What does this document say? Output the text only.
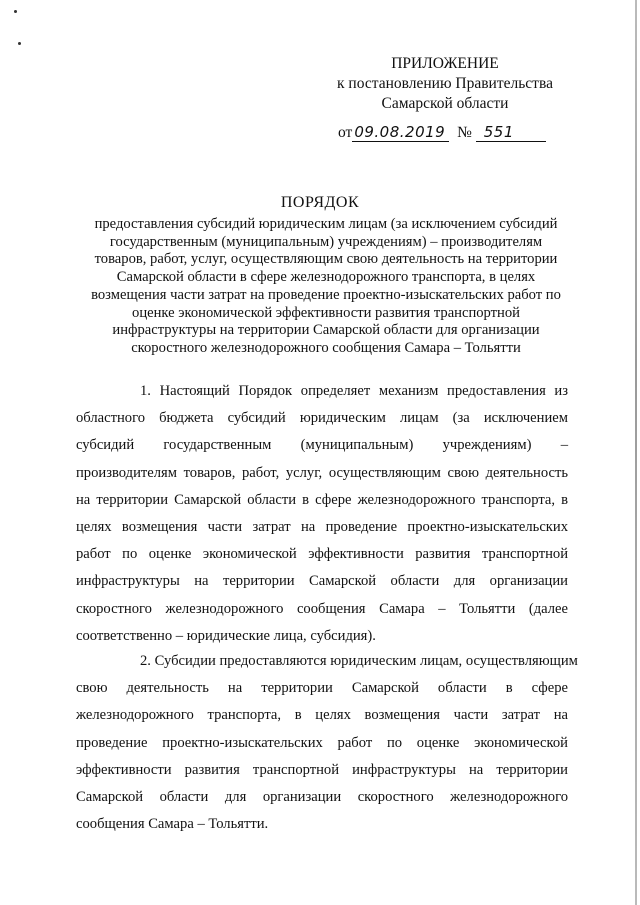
ПРИЛОЖЕНИЕ
к постановлению Правительства
Самарской области
от 09.08.2019 № 551
ПОРЯДОК
предоставления субсидий юридическим лицам (за исключением субсидий
государственным (муниципальным) учреждениям) – производителям
товаров, работ, услуг, осуществляющим свою деятельность на территории
Самарской области в сфере железнодорожного транспорта, в целях
возмещения части затрат на проведение проектно-изыскательских работ по
оценке экономической эффективности развития транспортной
инфраструктуры на территории Самарской области для организации
скоростного железнодорожного сообщения Самара – Тольятти
1. Настоящий Порядок определяет механизм предоставления из
областного бюджета субсидий юридическим лицам (за исключением
субсидий государственным (муниципальным) учреждениям) –
производителям товаров, работ, услуг, осуществляющим свою деятельность
на территории Самарской области в сфере железнодорожного транспорта, в
целях возмещения части затрат на проведение проектно-изыскательских
работ по оценке экономической эффективности развития транспортной
инфраструктуры на территории Самарской области для организации
скоростного железнодорожного сообщения Самара – Тольятти (далее
соответственно – юридические лица, субсидия).
2. Субсидии предоставляются юридическим лицам, осуществляющим
свою деятельность на территории Самарской области в сфере
железнодорожного транспорта, в целях возмещения части затрат на
проведение проектно-изыскательских работ по оценке экономической
эффективности развития транспортной инфраструктуры на территории
Самарской области для организации скоростного железнодорожного
сообщения Самара – Тольятти.
